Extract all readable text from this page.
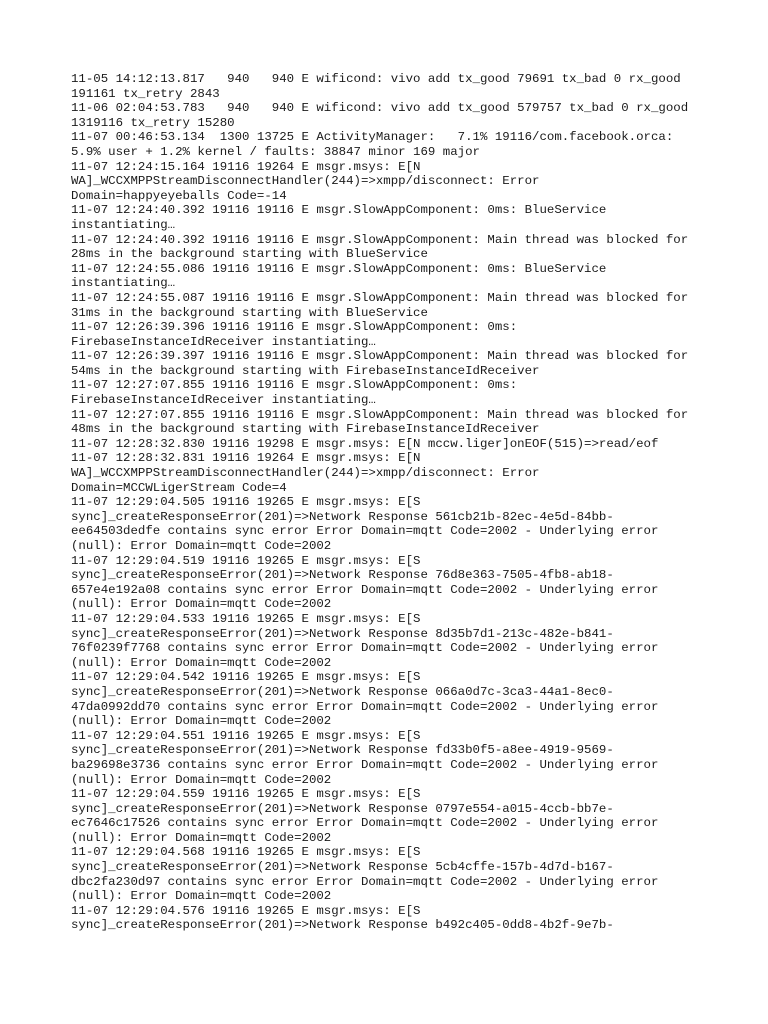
11-05 14:12:13.817   940   940 E wificond: vivo add tx_good 79691 tx_bad 0 rx_good
191161 tx_retry 2843
11-06 02:04:53.783   940   940 E wificond: vivo add tx_good 579757 tx_bad 0 rx_good
1319116 tx_retry 15280
11-07 00:46:53.134  1300 13725 E ActivityManager:   7.1% 19116/com.facebook.orca:
5.9% user + 1.2% kernel / faults: 38847 minor 169 major
11-07 12:24:15.164 19116 19264 E msgr.msys: E[N
WA]_WCCXMPPStreamDisconnectHandler(244)=>xmpp/disconnect: Error
Domain=happyeyeballs Code=-14
11-07 12:24:40.392 19116 19116 E msgr.SlowAppComponent: 0ms: BlueService
instantiating…
11-07 12:24:40.392 19116 19116 E msgr.SlowAppComponent: Main thread was blocked for
28ms in the background starting with BlueService
11-07 12:24:55.086 19116 19116 E msgr.SlowAppComponent: 0ms: BlueService
instantiating…
11-07 12:24:55.087 19116 19116 E msgr.SlowAppComponent: Main thread was blocked for
31ms in the background starting with BlueService
11-07 12:26:39.396 19116 19116 E msgr.SlowAppComponent: 0ms:
FirebaseInstanceIdReceiver instantiating…
11-07 12:26:39.397 19116 19116 E msgr.SlowAppComponent: Main thread was blocked for
54ms in the background starting with FirebaseInstanceIdReceiver
11-07 12:27:07.855 19116 19116 E msgr.SlowAppComponent: 0ms:
FirebaseInstanceIdReceiver instantiating…
11-07 12:27:07.855 19116 19116 E msgr.SlowAppComponent: Main thread was blocked for
48ms in the background starting with FirebaseInstanceIdReceiver
11-07 12:28:32.830 19116 19298 E msgr.msys: E[N mccw.liger]onEOF(515)=>read/eof
11-07 12:28:32.831 19116 19264 E msgr.msys: E[N
WA]_WCCXMPPStreamDisconnectHandler(244)=>xmpp/disconnect: Error
Domain=MCCWLigerStream Code=4
11-07 12:29:04.505 19116 19265 E msgr.msys: E[S
sync]_createResponseError(201)=>Network Response 561cb21b-82ec-4e5d-84bb-
ee64503dedfe contains sync error Error Domain=mqtt Code=2002 - Underlying error
(null): Error Domain=mqtt Code=2002
11-07 12:29:04.519 19116 19265 E msgr.msys: E[S
sync]_createResponseError(201)=>Network Response 76d8e363-7505-4fb8-ab18-
657e4e192a08 contains sync error Error Domain=mqtt Code=2002 - Underlying error
(null): Error Domain=mqtt Code=2002
11-07 12:29:04.533 19116 19265 E msgr.msys: E[S
sync]_createResponseError(201)=>Network Response 8d35b7d1-213c-482e-b841-
76f0239f7768 contains sync error Error Domain=mqtt Code=2002 - Underlying error
(null): Error Domain=mqtt Code=2002
11-07 12:29:04.542 19116 19265 E msgr.msys: E[S
sync]_createResponseError(201)=>Network Response 066a0d7c-3ca3-44a1-8ec0-
47da0992dd70 contains sync error Error Domain=mqtt Code=2002 - Underlying error
(null): Error Domain=mqtt Code=2002
11-07 12:29:04.551 19116 19265 E msgr.msys: E[S
sync]_createResponseError(201)=>Network Response fd33b0f5-a8ee-4919-9569-
ba29698e3736 contains sync error Error Domain=mqtt Code=2002 - Underlying error
(null): Error Domain=mqtt Code=2002
11-07 12:29:04.559 19116 19265 E msgr.msys: E[S
sync]_createResponseError(201)=>Network Response 0797e554-a015-4ccb-bb7e-
ec7646c17526 contains sync error Error Domain=mqtt Code=2002 - Underlying error
(null): Error Domain=mqtt Code=2002
11-07 12:29:04.568 19116 19265 E msgr.msys: E[S
sync]_createResponseError(201)=>Network Response 5cb4cffe-157b-4d7d-b167-
dbc2fa230d97 contains sync error Error Domain=mqtt Code=2002 - Underlying error
(null): Error Domain=mqtt Code=2002
11-07 12:29:04.576 19116 19265 E msgr.msys: E[S
sync]_createResponseError(201)=>Network Response b492c405-0dd8-4b2f-9e7b-
